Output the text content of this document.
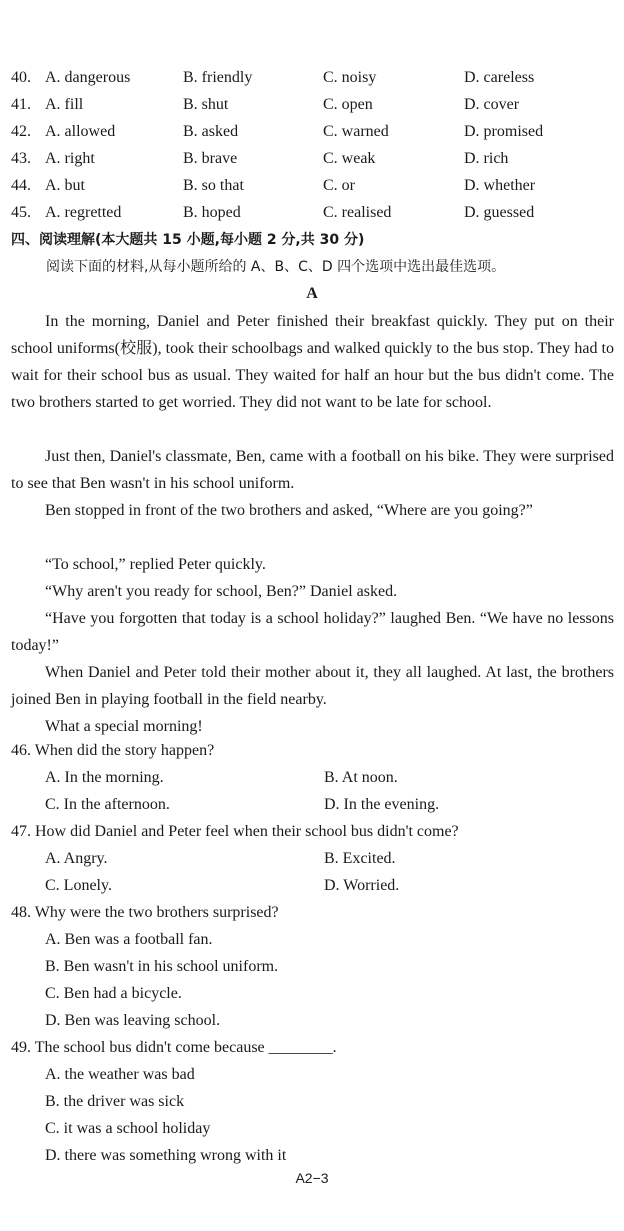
40. A. dangerous	B. friendly	C. noisy	D. careless
41. A. fill	B. shut	C. open	D. cover
42. A. allowed	B. asked	C. warned	D. promised
43. A. right	B. brave	C. weak	D. rich
44. A. but	B. so that	C. or	D. whether
45. A. regretted	B. hoped	C. realised	D. guessed
四、阅读理解(本大题共 15 小题,每小题 2 分,共 30 分)
阅读下面的材料,从每小题所给的 A、B、C、D 四个选项中选出最佳选项。
A
In the morning, Daniel and Peter finished their breakfast quickly. They put on their school uniforms(校服), took their schoolbags and walked quickly to the bus stop. They had to wait for their school bus as usual. They waited for half an hour but the bus didn't come. The two brothers started to get worried. They did not want to be late for school.
Just then, Daniel's classmate, Ben, came with a football on his bike. They were surprised to see that Ben wasn't in his school uniform.
Ben stopped in front of the two brothers and asked, “Where are you going?”
“To school,” replied Peter quickly.
“Why aren't you ready for school, Ben?” Daniel asked.
“Have you forgotten that today is a school holiday?” laughed Ben. “We have no lessons today!”
When Daniel and Peter told their mother about it, they all laughed. At last, the brothers joined Ben in playing football in the field nearby.
What a special morning!
46. When did the story happen?
A. In the morning.	B. At noon.
C. In the afternoon.	D. In the evening.
47. How did Daniel and Peter feel when their school bus didn't come?
A. Angry.	B. Excited.
C. Lonely.	D. Worried.
48. Why were the two brothers surprised?
A. Ben was a football fan.
B. Ben wasn't in his school uniform.
C. Ben had a bicycle.
D. Ben was leaving school.
49. The school bus didn't come because ________.
A. the weather was bad
B. the driver was sick
C. it was a school holiday
D. there was something wrong with it
A2−3
